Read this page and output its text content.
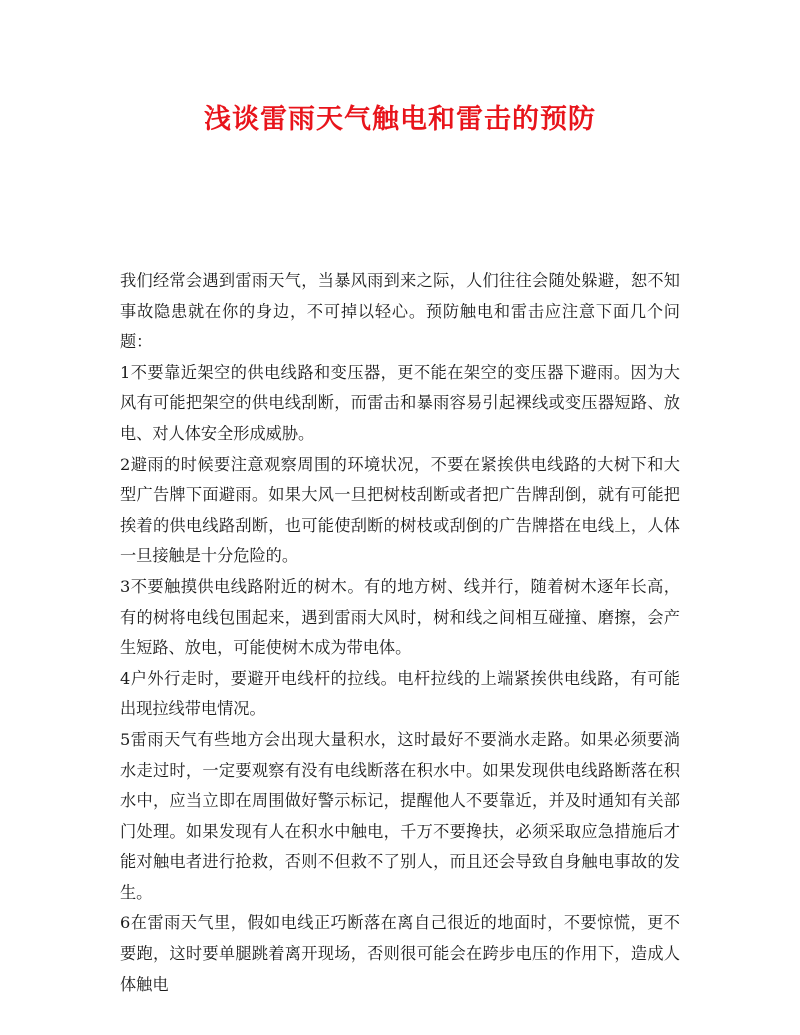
浅谈雷雨天气触电和雷击的预防

我们经常会遇到雷雨天气，当暴风雨到来之际，人们往往会随处躲避，恕不知事故隐患就在你的身边，不可掉以轻心。预防触电和雷击应注意下面几个问题：

1不要靠近架空的供电线路和变压器，更不能在架空的变压器下避雨。因为大风有可能把架空的供电线刮断，而雷击和暴雨容易引起裸线或变压器短路、放电、对人体安全形成威胁。

2避雨的时候要注意观察周围的环境状况，不要在紧挨供电线路的大树下和大型广告牌下面避雨。如果大风一旦把树枝刮断或者把广告牌刮倒，就有可能把挨着的供电线路刮断，也可能使刮断的树枝或刮倒的广告牌搭在电线上，人体一旦接触是十分危险的。

3不要触摸供电线路附近的树木。有的地方树、线并行，随着树木逐年长高，有的树将电线包围起来，遇到雷雨大风时，树和线之间相互碰撞、磨擦，会产生短路、放电，可能使树木成为带电体。

4户外行走时，要避开电线杆的拉线。电杆拉线的上端紧挨供电线路，有可能出现拉线带电情况。

5雷雨天气有些地方会出现大量积水，这时最好不要淌水走路。如果必须要淌水走过时，一定要观察有没有电线断落在积水中。如果发现供电线路断落在积水中，应当立即在周围做好警示标记，提醒他人不要靠近，并及时通知有关部门处理。如果发现有人在积水中触电，千万不要搀扶，必须采取应急措施后才能对触电者进行抢救，否则不但救不了别人，而且还会导致自身触电事故的发生。

6在雷雨天气里，假如电线正巧断落在离自己很近的地面时，不要惊慌，更不要跑，这时要单腿跳着离开现场，否则很可能会在跨步电压的作用下，造成人体触电
